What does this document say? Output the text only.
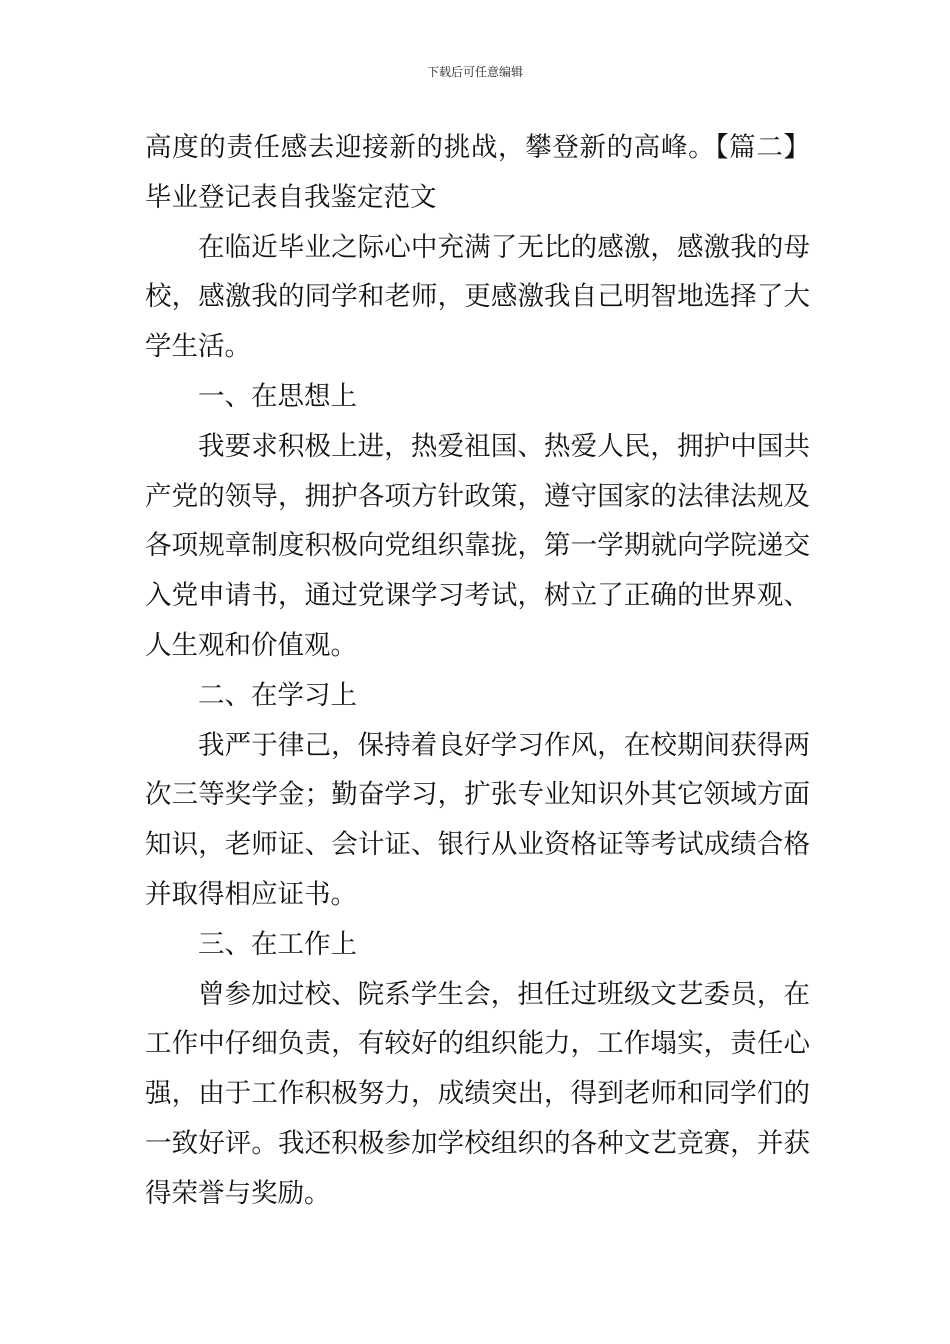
下载后可任意编辑

高度的责任感去迎接新的挑战，攀登新的高峰。【篇二】毕业登记表自我鉴定范文

在临近毕业之际心中充满了无比的感激，感激我的母校，感激我的同学和老师，更感激我自己明智地选择了大学生活。

一、在思想上

我要求积极上进，热爱祖国、热爱人民，拥护中国共产党的领导，拥护各项方针政策，遵守国家的法律法规及各项规章制度积极向党组织靠拢，第一学期就向学院递交入党申请书，通过党课学习考试，树立了正确的世界观、人生观和价值观。

二、在学习上

我严于律己，保持着良好学习作风，在校期间获得两次三等奖学金；勤奋学习，扩张专业知识外其它领域方面知识，老师证、会计证、银行从业资格证等考试成绩合格并取得相应证书。

三、在工作上

曾参加过校、院系学生会，担任过班级文艺委员，在工作中仔细负责，有较好的组织能力，工作塌实，责任心强，由于工作积极努力，成绩突出，得到老师和同学们的一致好评。我还积极参加学校组织的各种文艺竞赛，并获得荣誉与奖励。
